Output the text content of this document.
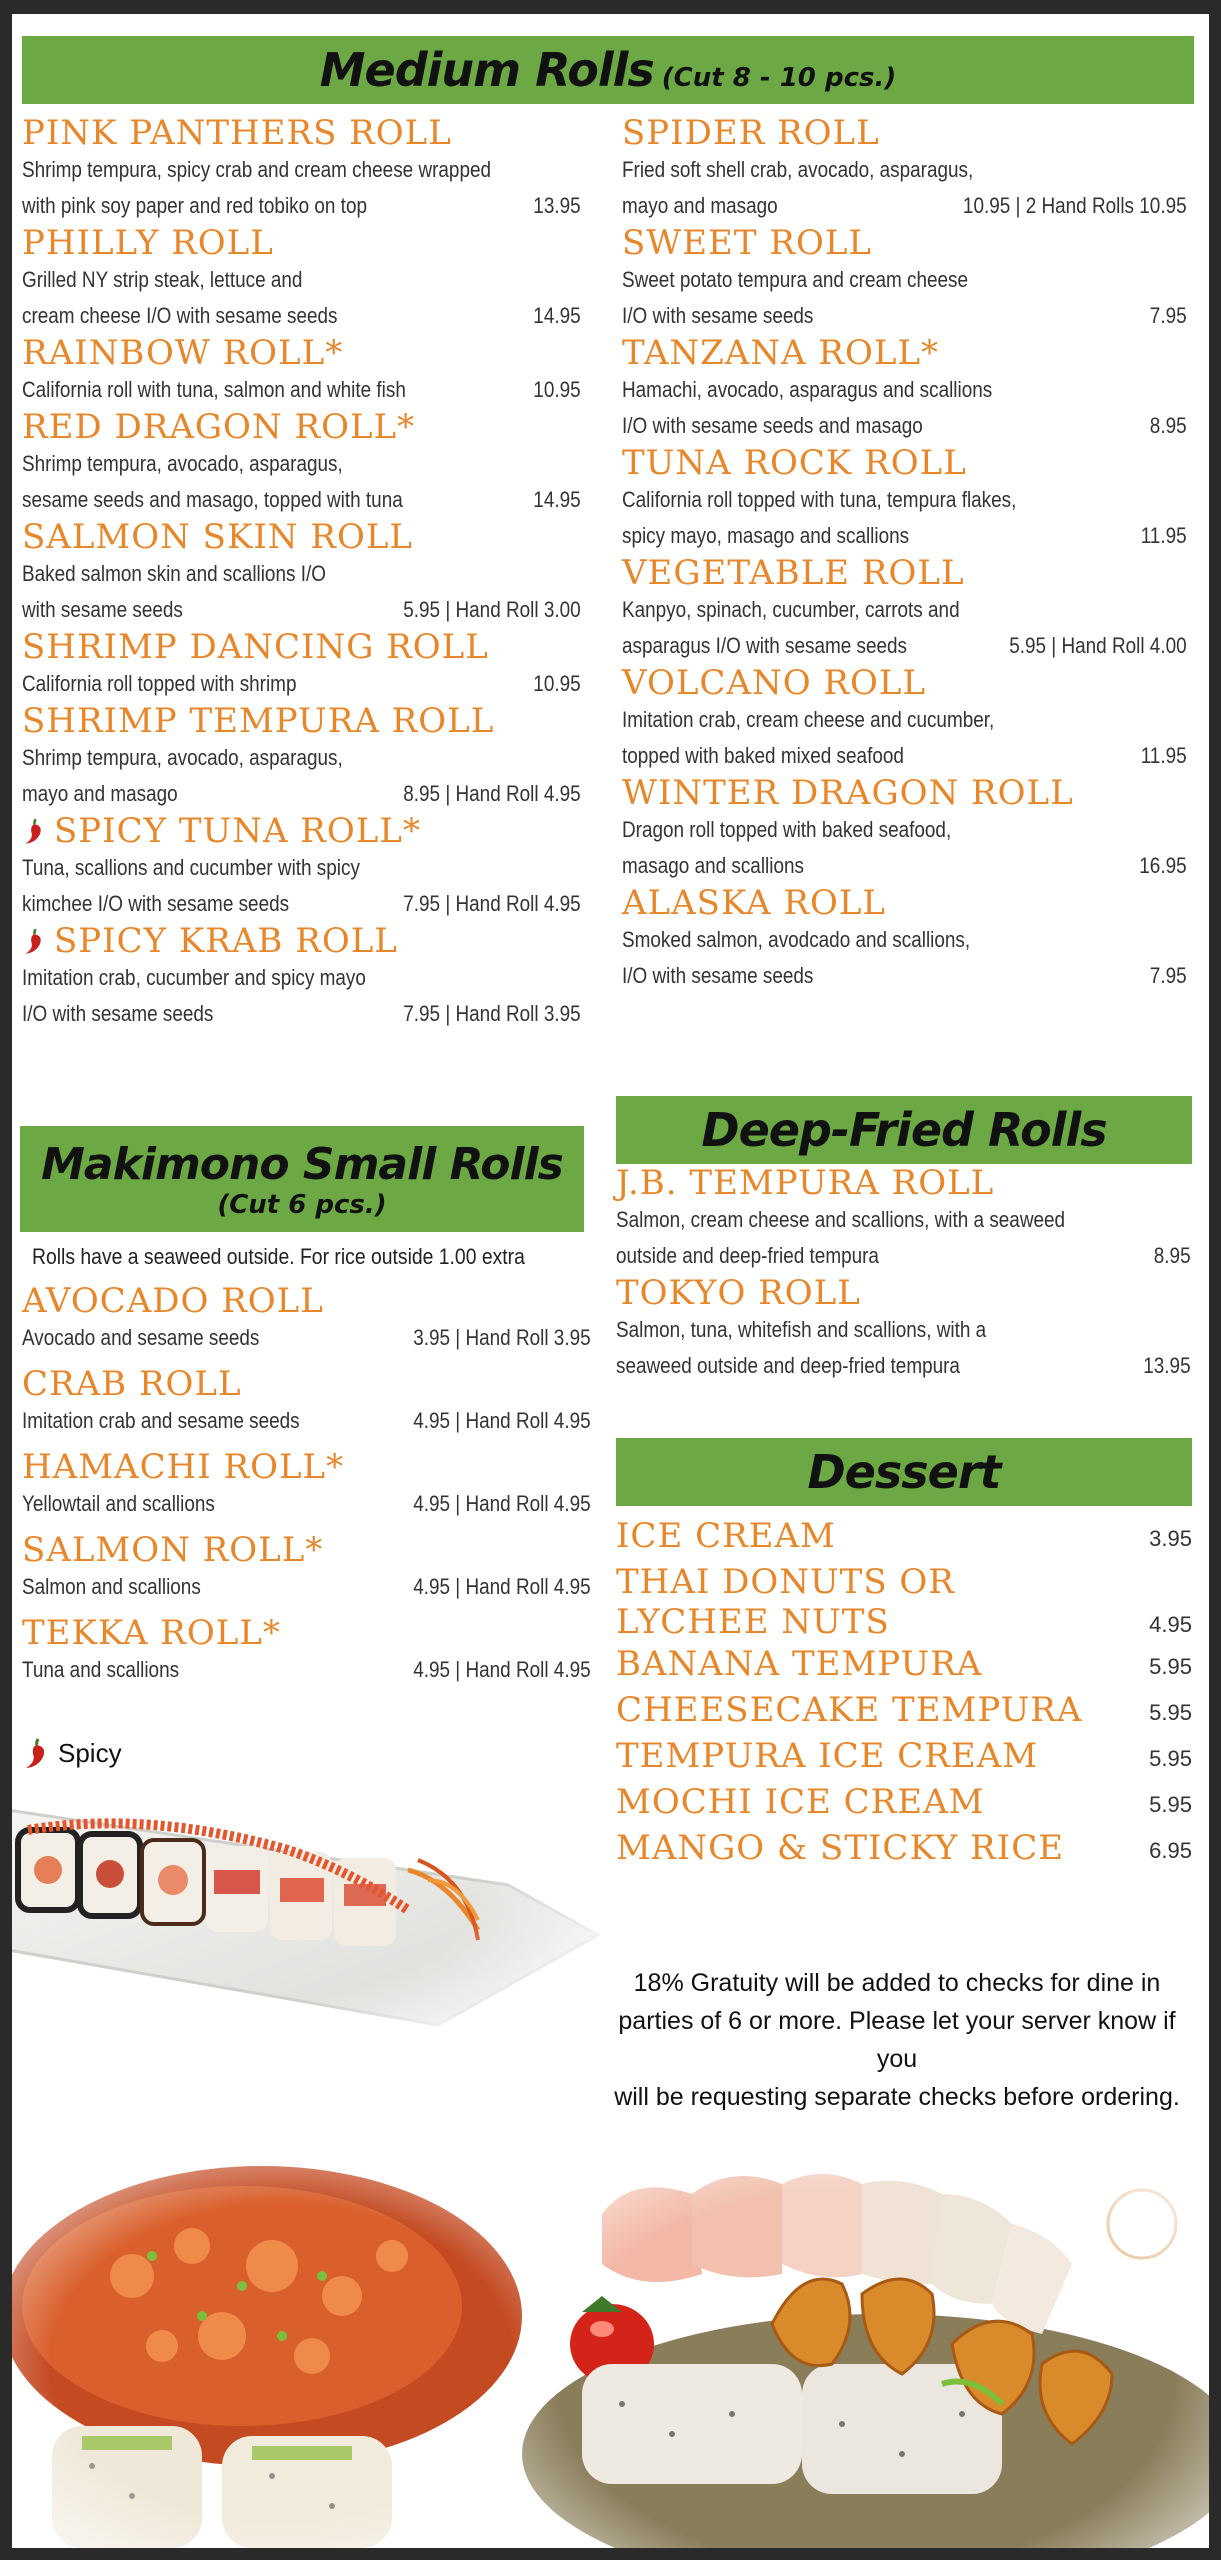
Medium Rolls (Cut 8 - 10 pcs.)
Makimono Small Rolls
(Cut 6 pcs.)
Rolls have a seaweed outside. For rice outside 1.00 extra
Spicy
Deep-Fried Rolls
Dessert
18% Gratuity will be added to checks for dine in
parties of 6 or more. Please let your server know if you
will be requesting separate checks before ordering.
PINK PANTHERS ROLL
Shrimp tempura, spicy crab and cream cheese wrapped
with pink soy paper and red tobiko on top	13.95
PHILLY ROLL
Grilled NY strip steak, lettuce and
cream cheese I/O with sesame seeds	14.95
RAINBOW ROLL*
California roll with tuna, salmon and white fish	10.95
RED DRAGON ROLL*
Shrimp tempura, avocado, asparagus,
sesame seeds and masago, topped with tuna	14.95
SALMON SKIN ROLL
Baked salmon skin and scallions I/O
with sesame seeds	5.95 | Hand Roll 3.00
SHRIMP DANCING ROLL
California roll topped with shrimp	10.95
SHRIMP TEMPURA ROLL
Shrimp tempura, avocado, asparagus,
mayo and masago	8.95 | Hand Roll 4.95
SPICY TUNA ROLL*
Tuna, scallions and cucumber with spicy
kimchee I/O with sesame seeds	7.95 | Hand Roll 4.95
SPICY KRAB ROLL
Imitation crab, cucumber and spicy mayo
I/O with sesame seeds	7.95 | Hand Roll 3.95
SPIDER ROLL
Fried soft shell crab, avocado, asparagus,
mayo and masago	10.95 | 2 Hand Rolls 10.95
SWEET ROLL
Sweet potato tempura and cream cheese
I/O with sesame seeds	7.95
TANZANA ROLL*
Hamachi, avocado, asparagus and scallions
I/O with sesame seeds and masago	8.95
TUNA ROCK ROLL
California roll topped with tuna, tempura flakes,
spicy mayo, masago and scallions	11.95
VEGETABLE ROLL
Kanpyo, spinach, cucumber, carrots and
asparagus I/O with sesame seeds	5.95 | Hand Roll 4.00
VOLCANO ROLL
Imitation crab, cream cheese and cucumber,
topped with baked mixed seafood	11.95
WINTER DRAGON ROLL
Dragon roll topped with baked seafood,
masago and scallions	16.95
ALASKA ROLL
Smoked salmon, avodcado and scallions,
I/O with sesame seeds	7.95
AVOCADO ROLL
Avocado and sesame seeds	3.95 | Hand Roll 3.95
CRAB ROLL
Imitation crab and sesame seeds	4.95 | Hand Roll 4.95
HAMACHI ROLL*
Yellowtail and scallions	4.95 | Hand Roll 4.95
SALMON ROLL*
Salmon and scallions	4.95 | Hand Roll 4.95
TEKKA ROLL*
Tuna and scallions	4.95 | Hand Roll 4.95
J.B. TEMPURA ROLL
Salmon, cream cheese and scallions, with a seaweed
outside and deep-fried tempura	8.95
TOKYO ROLL
Salmon, tuna, whitefish and scallions, with a
seaweed outside and deep-fried tempura	13.95
ICE CREAM	3.95
THAI DONUTS OR
LYCHEE NUTS	4.95
BANANA TEMPURA	5.95
CHEESECAKE TEMPURA	5.95
TEMPURA ICE CREAM	5.95
MOCHI ICE CREAM	5.95
MANGO & STICKY RICE	6.95
